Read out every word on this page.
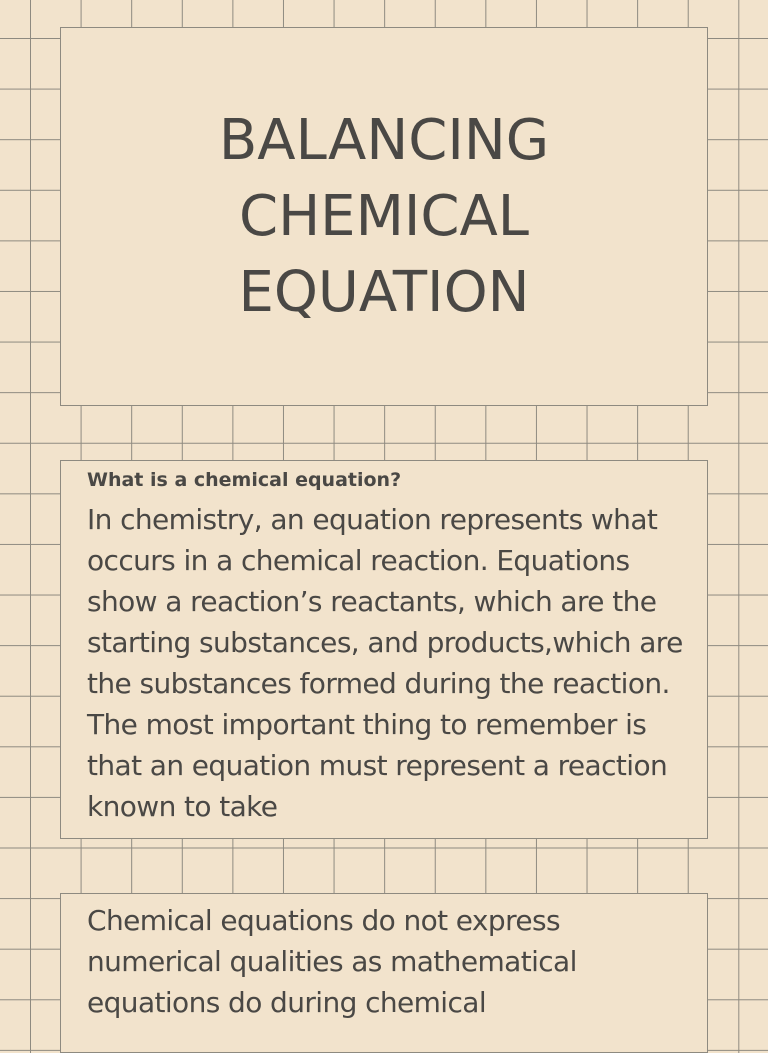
BALANCING
CHEMICAL
EQUATION
What is a chemical equation?

In chemistry, an equation represents what occurs in a chemical reaction. Equations show a reaction’s reactants, which are the starting substances, and products,which are the substances formed during the reaction. The most important thing to remember is that an equation must represent a reaction known to take

Chemical equations do not express numerical qualities as mathematical equations do during chemical
